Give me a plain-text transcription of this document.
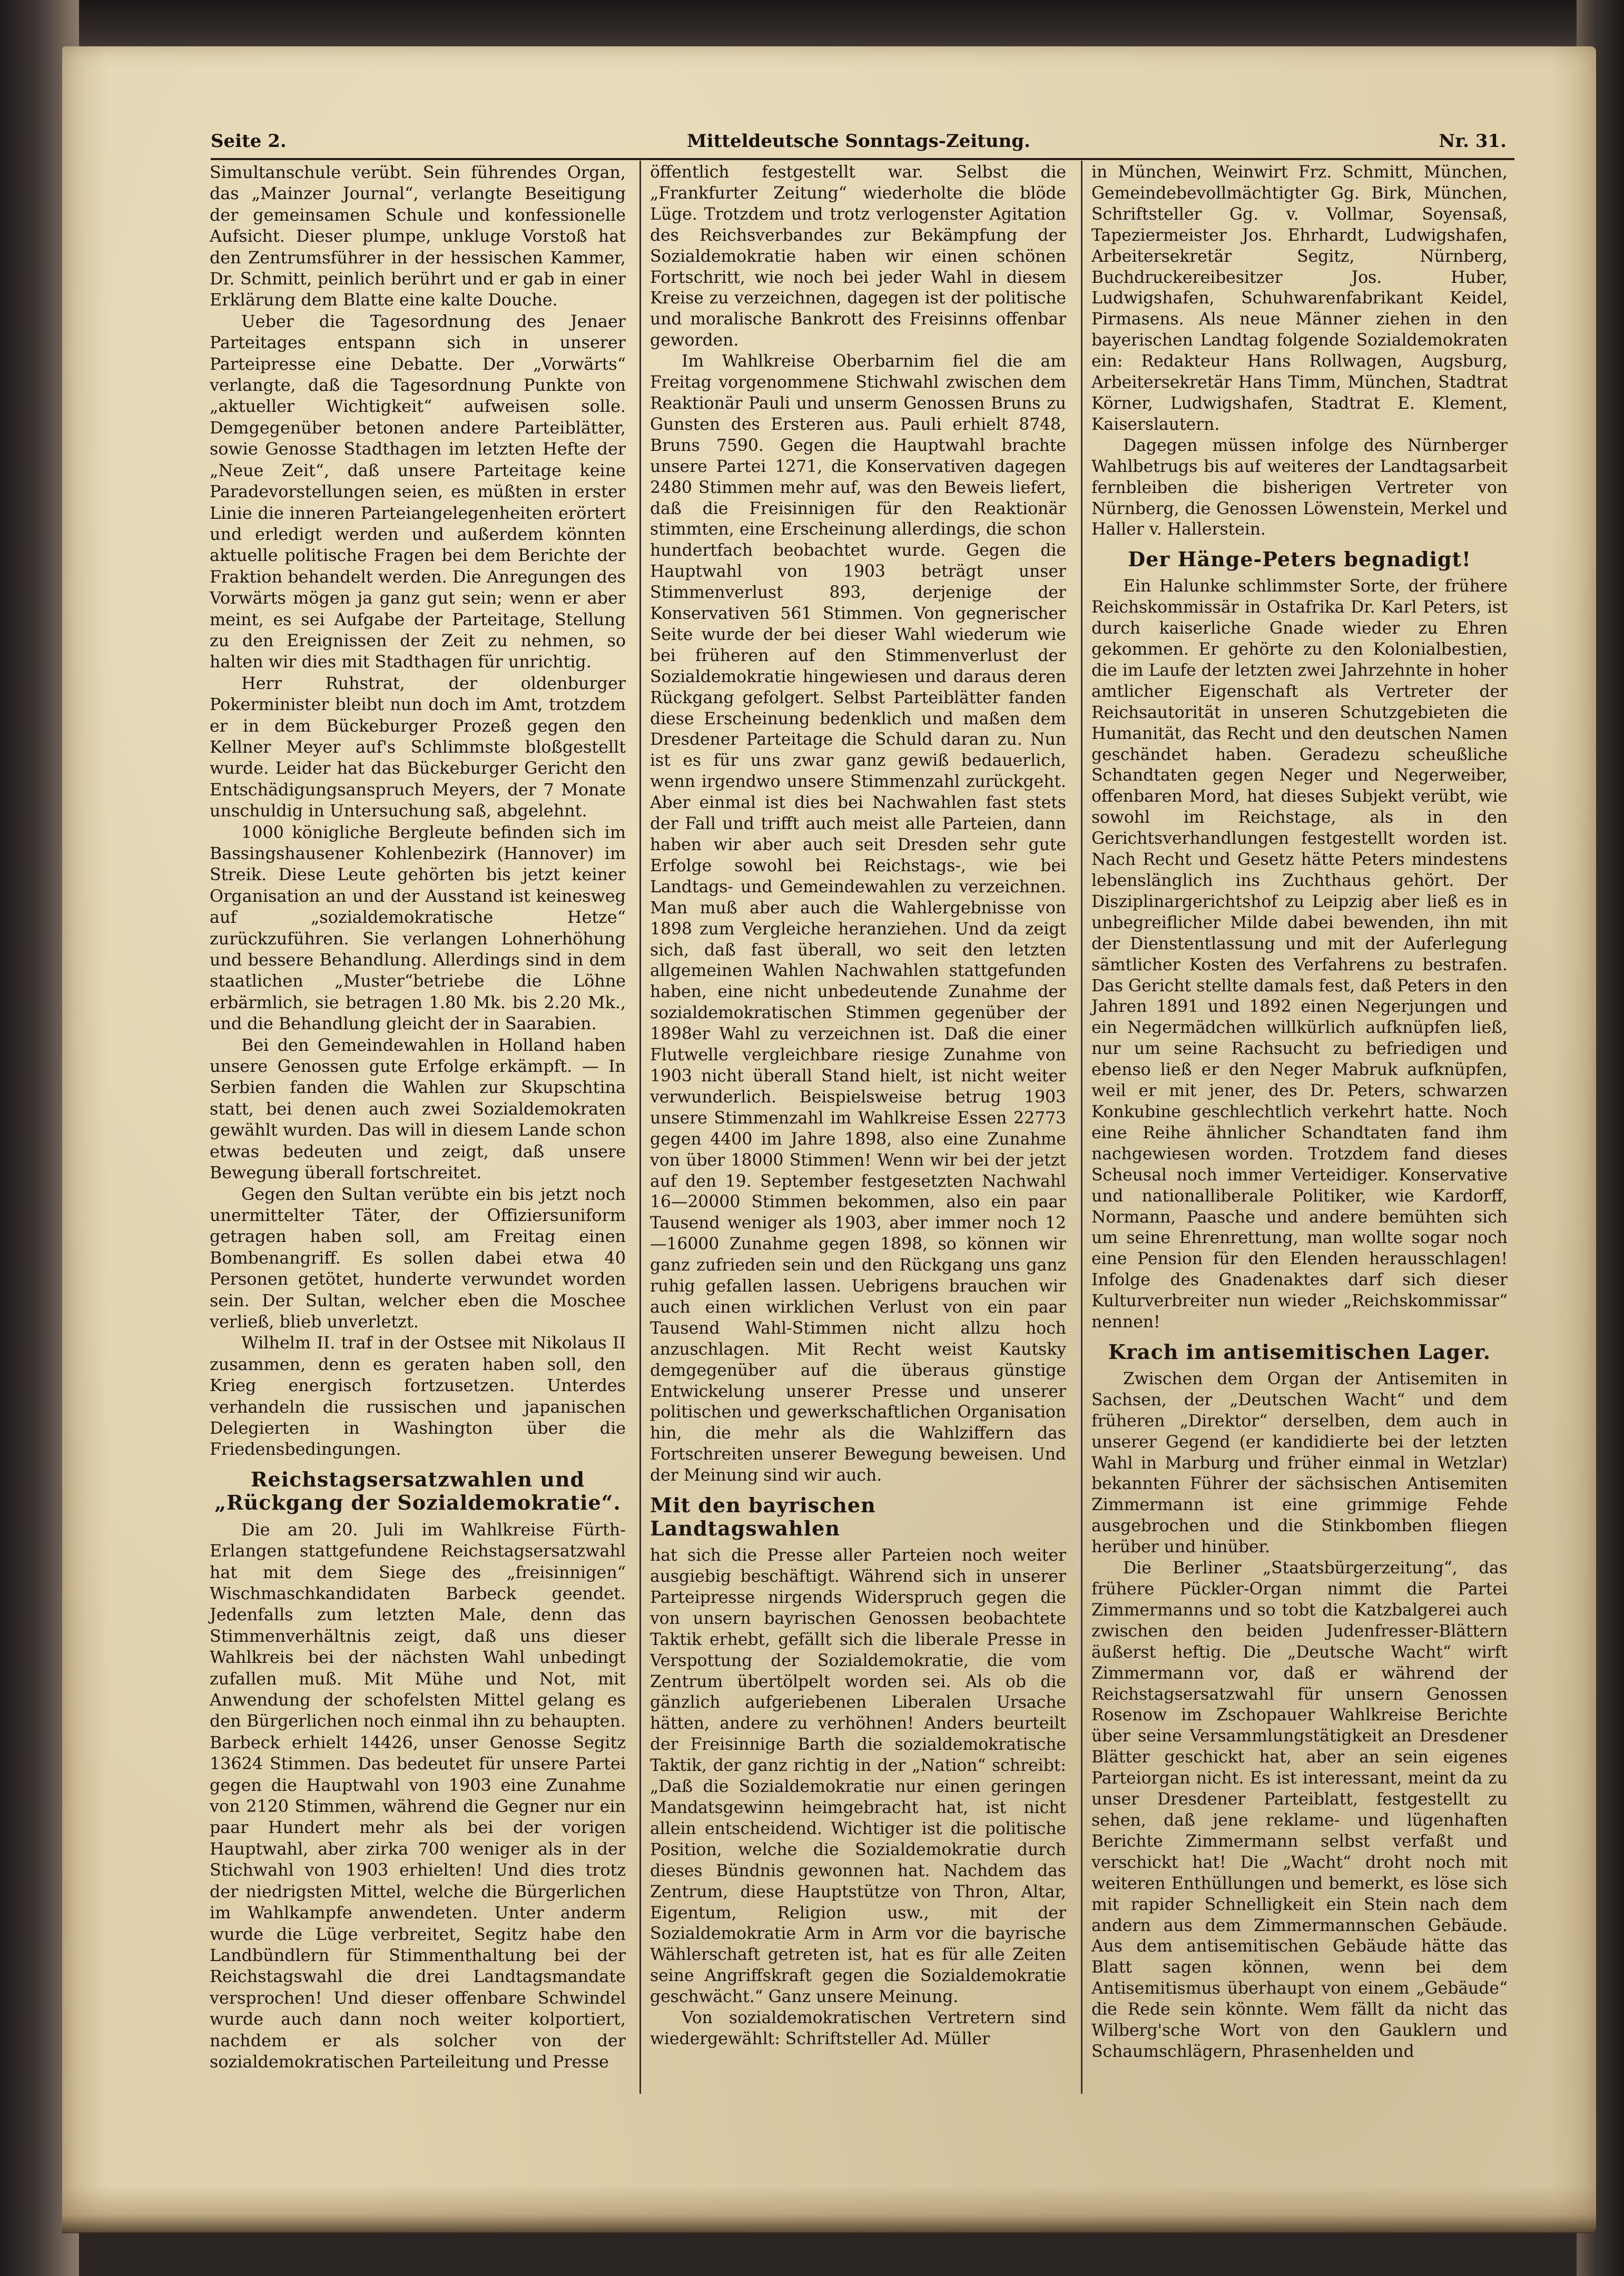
Seite 2.	Mitteldeutsche Sonntags-Zeitung.	Nr. 31.

Simultanschule verübt. Sein führendes Organ, das „Mainzer Journal“, verlangte Beseitigung der gemeinsamen Schule und konfessionelle Aufsicht. Dieser plumpe, unkluge Vorstoß hat den Zentrumsführer in der hessischen Kammer, Dr. Schmitt, peinlich berührt und er gab in einer Erklärung dem Blatte eine kalte Douche.

Ueber die Tagesordnung des Jenaer Parteitages entspann sich in unserer Parteipresse eine Debatte. Der „Vorwärts“ verlangte, daß die Tagesordnung Punkte von „aktueller Wichtigkeit“ aufweisen solle. Demgegenüber betonen andere Parteiblätter, sowie Genosse Stadthagen im letzten Hefte der „Neue Zeit“, daß unsere Parteitage keine Paradevorstellungen seien, es müßten in erster Linie die inneren Parteiangelegenheiten erörtert und erledigt werden und außerdem könnten aktuelle politische Fragen bei dem Berichte der Fraktion behandelt werden. Die Anregungen des Vorwärts mögen ja ganz gut sein; wenn er aber meint, es sei Aufgabe der Parteitage, Stellung zu den Ereignissen der Zeit zu nehmen, so halten wir dies mit Stadthagen für unrichtig.

Herr Ruhstrat, der oldenburger Pokerminister bleibt nun doch im Amt, trotzdem er in dem Bückeburger Prozeß gegen den Kellner Meyer auf's Schlimmste bloßgestellt wurde. Leider hat das Bückeburger Gericht den Entschädigungsanspruch Meyers, der 7 Monate unschuldig in Untersuchung saß, abgelehnt.

1000 königliche Bergleute befinden sich im Bassingshausener Kohlenbezirk (Hannover) im Streik. Diese Leute gehörten bis jetzt keiner Organisation an und der Ausstand ist keinesweg auf „sozialdemokratische Hetze“ zurückzuführen. Sie verlangen Lohnerhöhung und bessere Behandlung. Allerdings sind in dem staatlichen „Muster“betriebe die Löhne erbärmlich, sie betragen 1.80 Mk. bis 2.20 Mk., und die Behandlung gleicht der in Saarabien.

Bei den Gemeindewahlen in Holland haben unsere Genossen gute Erfolge erkämpft. — In Serbien fanden die Wahlen zur Skupschtina statt, bei denen auch zwei Sozialdemokraten gewählt wurden. Das will in diesem Lande schon etwas bedeuten und zeigt, daß unsere Bewegung überall fortschreitet.

Gegen den Sultan verübte ein bis jetzt noch unermittelter Täter, der Offiziersuniform getragen haben soll, am Freitag einen Bombenangriff. Es sollen dabei etwa 40 Personen getötet, hunderte verwundet worden sein. Der Sultan, welcher eben die Moschee verließ, blieb unverletzt.

Wilhelm II. traf in der Ostsee mit Nikolaus II zusammen, denn es geraten haben soll, den Krieg energisch fortzusetzen. Unterdes verhandeln die russischen und japanischen Delegierten in Washington über die Friedensbedingungen.

Reichstagsersatzwahlen und „Rückgang der Sozialdemokratie“.

Die am 20. Juli im Wahlkreise Fürth-Erlangen stattgefundene Reichstagsersatzwahl hat mit dem Siege des „freisinnigen“ Wischmaschkandidaten Barbeck geendet. Jedenfalls zum letzten Male, denn das Stimmenverhältnis zeigt, daß uns dieser Wahlkreis bei der nächsten Wahl unbedingt zufallen muß. Mit Mühe und Not, mit Anwendung der schofelsten Mittel gelang es den Bürgerlichen noch einmal ihn zu behaupten. Barbeck erhielt 14426, unser Genosse Segitz 13624 Stimmen. Das bedeutet für unsere Partei gegen die Hauptwahl von 1903 eine Zunahme von 2120 Stimmen, während die Gegner nur ein paar Hundert mehr als bei der vorigen Hauptwahl, aber zirka 700 weniger als in der Stichwahl von 1903 erhielten! Und dies trotz der niedrigsten Mittel, welche die Bürgerlichen im Wahlkampfe anwendeten. Unter anderm wurde die Lüge verbreitet, Segitz habe den Landbündlern für Stimmenthaltung bei der Reichstagswahl die drei Landtagsmandate versprochen! Und dieser offenbare Schwindel wurde auch dann noch weiter kolportiert, nachdem er als solcher von der sozialdemokratischen Parteileitung und Presse

öffentlich festgestellt war. Selbst die „Frankfurter Zeitung“ wiederholte die blöde Lüge. Trotzdem und trotz verlogenster Agitation des Reichsverbandes zur Bekämpfung der Sozialdemokratie haben wir einen schönen Fortschritt, wie noch bei jeder Wahl in diesem Kreise zu verzeichnen, dagegen ist der politische und moralische Bankrott des Freisinns offenbar geworden.

Im Wahlkreise Oberbarnim fiel die am Freitag vorgenommene Stichwahl zwischen dem Reaktionär Pauli und unserm Genossen Bruns zu Gunsten des Ersteren aus. Pauli erhielt 8748, Bruns 7590. Gegen die Hauptwahl brachte unsere Partei 1271, die Konservativen dagegen 2480 Stimmen mehr auf, was den Beweis liefert, daß die Freisinnigen für den Reaktionär stimmten, eine Erscheinung allerdings, die schon hundertfach beobachtet wurde. Gegen die Hauptwahl von 1903 beträgt unser Stimmenverlust 893, derjenige der Konservativen 561 Stimmen. Von gegnerischer Seite wurde der bei dieser Wahl wiederum wie bei früheren auf den Stimmenverlust der Sozialdemokratie hingewiesen und daraus deren Rückgang gefolgert. Selbst Parteiblätter fanden diese Erscheinung bedenklich und maßen dem Dresdener Parteitage die Schuld daran zu. Nun ist es für uns zwar ganz gewiß bedauerlich, wenn irgendwo unsere Stimmenzahl zurückgeht. Aber einmal ist dies bei Nachwahlen fast stets der Fall und trifft auch meist alle Parteien, dann haben wir aber auch seit Dresden sehr gute Erfolge sowohl bei Reichstags-, wie bei Landtags- und Gemeindewahlen zu verzeichnen. Man muß aber auch die Wahlergebnisse von 1898 zum Vergleiche heranziehen. Und da zeigt sich, daß fast überall, wo seit den letzten allgemeinen Wahlen Nachwahlen stattgefunden haben, eine nicht unbedeutende Zunahme der sozialdemokratischen Stimmen gegenüber der 1898er Wahl zu verzeichnen ist. Daß die einer Flutwelle vergleichbare riesige Zunahme von 1903 nicht überall Stand hielt, ist nicht weiter verwunderlich. Beispielsweise betrug 1903 unsere Stimmenzahl im Wahlkreise Essen 22773 gegen 4400 im Jahre 1898, also eine Zunahme von über 18000 Stimmen! Wenn wir bei der jetzt auf den 19. September festgesetzten Nachwahl 16—20000 Stimmen bekommen, also ein paar Tausend weniger als 1903, aber immer noch 12—16000 Zunahme gegen 1898, so können wir ganz zufrieden sein und den Rückgang uns ganz ruhig gefallen lassen. Uebrigens brauchen wir auch einen wirklichen Verlust von ein paar Tausend Wahl-Stimmen nicht allzu hoch anzuschlagen. Mit Recht weist Kautsky demgegenüber auf die überaus günstige Entwickelung unserer Presse und unserer politischen und gewerkschaftlichen Organisation hin, die mehr als die Wahlziffern das Fortschreiten unserer Bewegung beweisen. Und der Meinung sind wir auch.

Mit den bayrischen Landtagswahlen

hat sich die Presse aller Parteien noch weiter ausgiebig beschäftigt. Während sich in unserer Parteipresse nirgends Widerspruch gegen die von unsern bayrischen Genossen beobachtete Taktik erhebt, gefällt sich die liberale Presse in Verspottung der Sozialdemokratie, die vom Zentrum übertölpelt worden sei. Als ob die gänzlich aufgeriebenen Liberalen Ursache hätten, andere zu verhöhnen! Anders beurteilt der Freisinnige Barth die sozialdemokratische Taktik, der ganz richtig in der „Nation“ schreibt: „Daß die Sozialdemokratie nur einen geringen Mandatsgewinn heimgebracht hat, ist nicht allein entscheidend. Wichtiger ist die politische Position, welche die Sozialdemokratie durch dieses Bündnis gewonnen hat. Nachdem das Zentrum, diese Hauptstütze von Thron, Altar, Eigentum, Religion usw., mit der Sozialdemokratie Arm in Arm vor die bayrische Wählerschaft getreten ist, hat es für alle Zeiten seine Angriffskraft gegen die Sozialdemokratie geschwächt.“ Ganz unsere Meinung.

Von sozialdemokratischen Vertretern sind wiedergewählt: Schriftsteller Ad. Müller

in München, Weinwirt Frz. Schmitt, München, Gemeindebevollmächtigter Gg. Birk, München, Schriftsteller Gg. v. Vollmar, Soyensaß, Tapeziermeister Jos. Ehrhardt, Ludwigshafen, Arbeitersekretär Segitz, Nürnberg, Buchdruckereibesitzer Jos. Huber, Ludwigshafen, Schuhwarenfabrikant Keidel, Pirmasens. Als neue Männer ziehen in den bayerischen Landtag folgende Sozialdemokraten ein: Redakteur Hans Rollwagen, Augsburg, Arbeitersekretär Hans Timm, München, Stadtrat Körner, Ludwigshafen, Stadtrat E. Klement, Kaiserslautern.

Dagegen müssen infolge des Nürnberger Wahlbetrugs bis auf weiteres der Landtagsarbeit fernbleiben die bisherigen Vertreter von Nürnberg, die Genossen Löwenstein, Merkel und Haller v. Hallerstein.

Der Hänge-Peters begnadigt!

Ein Halunke schlimmster Sorte, der frühere Reichskommissär in Ostafrika Dr. Karl Peters, ist durch kaiserliche Gnade wieder zu Ehren gekommen. Er gehörte zu den Kolonialbestien, die im Laufe der letzten zwei Jahrzehnte in hoher amtlicher Eigenschaft als Vertreter der Reichsautorität in unseren Schutzgebieten die Humanität, das Recht und den deutschen Namen geschändet haben. Geradezu scheußliche Schandtaten gegen Neger und Negerweiber, offenbaren Mord, hat dieses Subjekt verübt, wie sowohl im Reichstage, als in den Gerichtsverhandlungen festgestellt worden ist. Nach Recht und Gesetz hätte Peters mindestens lebenslänglich ins Zuchthaus gehört. Der Disziplinargerichtshof zu Leipzig aber ließ es in unbegreiflicher Milde dabei bewenden, ihn mit der Dienstentlassung und mit der Auferlegung sämtlicher Kosten des Verfahrens zu bestrafen. Das Gericht stellte damals fest, daß Peters in den Jahren 1891 und 1892 einen Negerjungen und ein Negermädchen willkürlich aufknüpfen ließ, nur um seine Rachsucht zu befriedigen und ebenso ließ er den Neger Mabruk aufknüpfen, weil er mit jener, des Dr. Peters, schwarzen Konkubine geschlechtlich verkehrt hatte. Noch eine Reihe ähnlicher Schandtaten fand ihm nachgewiesen worden. Trotzdem fand dieses Scheusal noch immer Verteidiger. Konservative und nationalliberale Politiker, wie Kardorff, Normann, Paasche und andere bemühten sich um seine Ehrenrettung, man wollte sogar noch eine Pension für den Elenden herausschlagen! Infolge des Gnadenaktes darf sich dieser Kulturverbreiter nun wieder „Reichskommissar“ nennen!

Krach im antisemitischen Lager.

Zwischen dem Organ der Antisemiten in Sachsen, der „Deutschen Wacht“ und dem früheren „Direktor“ derselben, dem auch in unserer Gegend (er kandidierte bei der letzten Wahl in Marburg und früher einmal in Wetzlar) bekannten Führer der sächsischen Antisemiten Zimmermann ist eine grimmige Fehde ausgebrochen und die Stinkbomben fliegen herüber und hinüber.

Die Berliner „Staatsbürgerzeitung“, das frühere Pückler-Organ nimmt die Partei Zimmermanns und so tobt die Katzbalgerei auch zwischen den beiden Judenfresser-Blättern äußerst heftig. Die „Deutsche Wacht“ wirft Zimmermann vor, daß er während der Reichstagsersatzwahl für unsern Genossen Rosenow im Zschopauer Wahlkreise Berichte über seine Versammlungstätigkeit an Dresdener Blätter geschickt hat, aber an sein eigenes Parteiorgan nicht. Es ist interessant, meint da zu unser Dresdener Parteiblatt, festgestellt zu sehen, daß jene reklame- und lügenhaften Berichte Zimmermann selbst verfaßt und verschickt hat! Die „Wacht“ droht noch mit weiteren Enthüllungen und bemerkt, es löse sich mit rapider Schnelligkeit ein Stein nach dem andern aus dem Zimmermannschen Gebäude. Aus dem antisemitischen Gebäude hätte das Blatt sagen können, wenn bei dem Antisemitismus überhaupt von einem „Gebäude“ die Rede sein könnte. Wem fällt da nicht das Wilberg'sche Wort von den Gauklern und Schaumschlägern, Phrasenhelden und
